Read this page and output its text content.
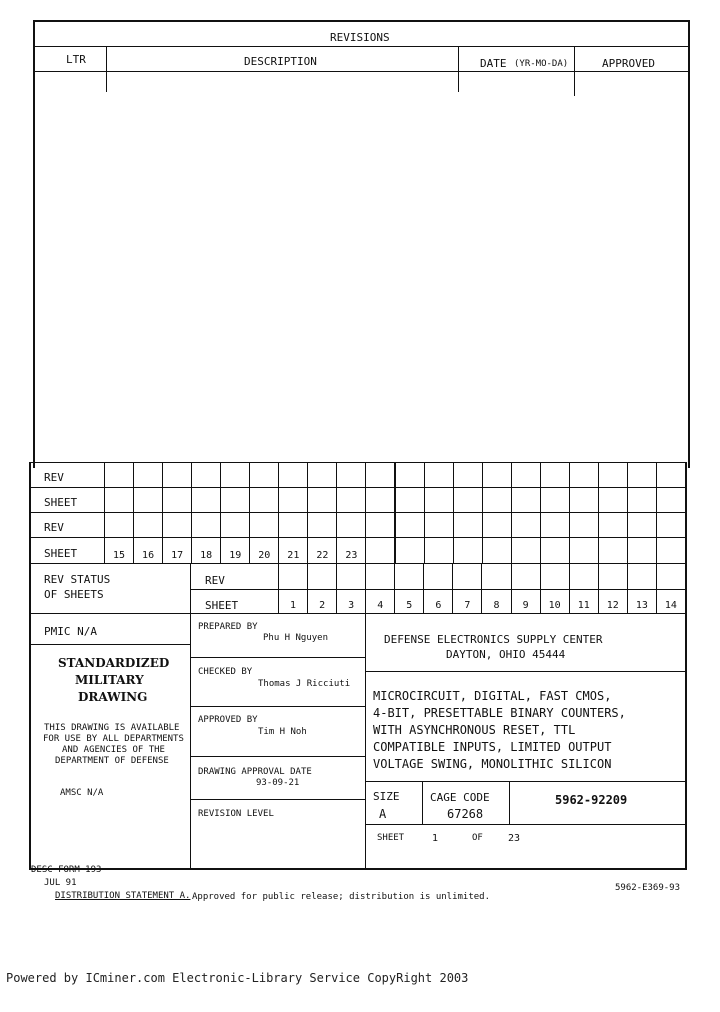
REVISIONS
LTR	DESCRIPTION	DATE (YR-MO-DA)	APPROVED
REV
SHEET
REV
SHEET	15	16	17	18	19	20	21	22	23
REV STATUS
OF SHEETS
REV
SHEET	1	2	3	4	5	6	7	8	9	10	11	12	13	14
PMIC N/A
STANDARDIZED
MILITARY
DRAWING
THIS DRAWING IS AVAILABLE
FOR USE BY ALL DEPARTMENTS
AND AGENCIES OF THE
DEPARTMENT OF DEFENSE
AMSC N/A
PREPARED BY
Phu H Nguyen
CHECKED BY
Thomas J Ricciuti
APPROVED BY
Tim H Noh
DRAWING APPROVAL DATE
93-09-21
REVISION LEVEL
DEFENSE ELECTRONICS SUPPLY CENTER
DAYTON, OHIO 45444
MICROCIRCUIT, DIGITAL, FAST CMOS,
4-BIT, PRESETTABLE BINARY COUNTERS,
WITH ASYNCHRONOUS RESET, TTL
COMPATIBLE INPUTS, LIMITED OUTPUT
VOLTAGE SWING, MONOLITHIC SILICON
SIZE
A
CAGE CODE
67268
5962-92209
SHEET	1	OF	23
DESC FORM 193
JUL 91
DISTRIBUTION STATEMENT A. Approved for public release; distribution is unlimited.
5962-E369-93
Powered by ICminer.com Electronic-Library Service CopyRight 2003
